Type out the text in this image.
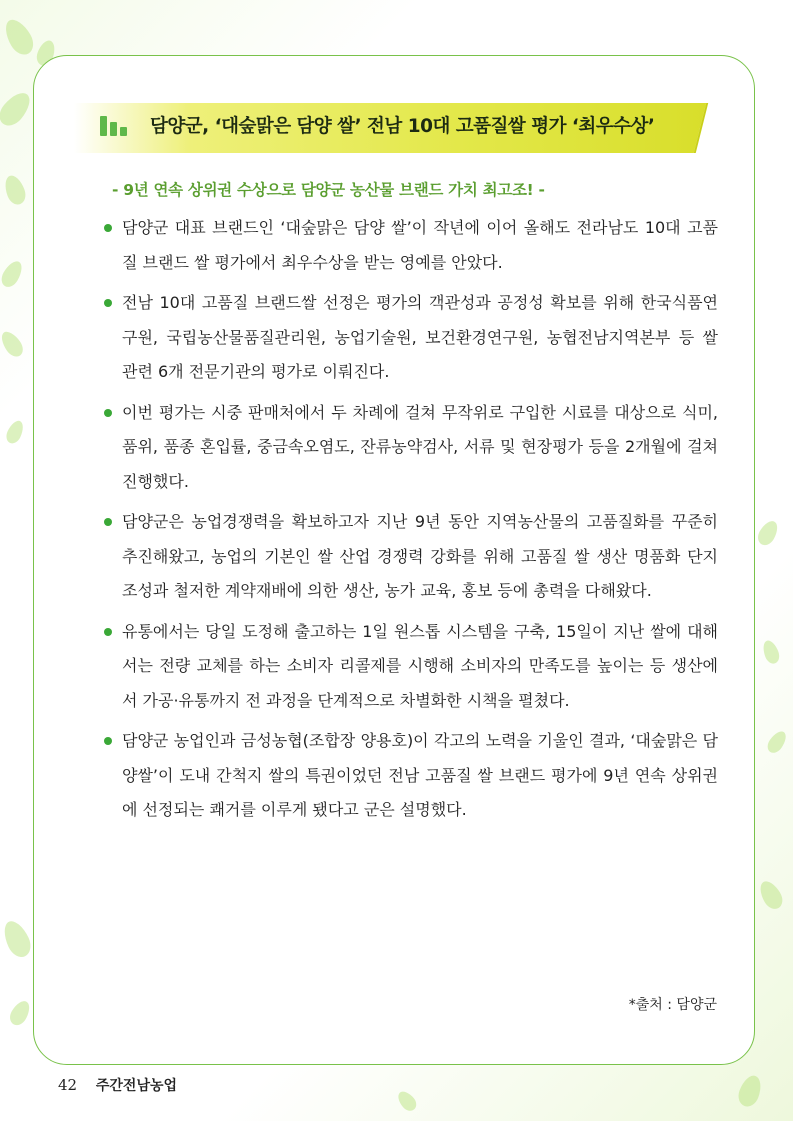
담양군, ‘대숲맑은 담양 쌀’ 전남 10대 고품질쌀 평가 ‘최우수상’
- 9년 연속 상위권 수상으로 담양군 농산물 브랜드 가치 최고조! -
담양군 대표 브랜드인 ‘대숲맑은 담양 쌀’이 작년에 이어 올해도 전라남도 10대 고품질 브랜드 쌀 평가에서 최우수상을 받는 영예를 안았다.
전남 10대 고품질 브랜드쌀 선정은 평가의 객관성과 공정성 확보를 위해 한국식품연구원, 국립농산물품질관리원, 농업기술원, 보건환경연구원, 농협전남지역본부 등 쌀 관련 6개 전문기관의 평가로 이뤄진다.
이번 평가는 시중 판매처에서 두 차례에 걸쳐 무작위로 구입한 시료를 대상으로 식미, 품위, 품종 혼입률, 중금속오염도, 잔류농약검사, 서류 및 현장평가 등을 2개월에 걸쳐 진행했다.
담양군은 농업경쟁력을 확보하고자 지난 9년 동안 지역농산물의 고품질화를 꾸준히 추진해왔고, 농업의 기본인 쌀 산업 경쟁력 강화를 위해 고품질 쌀 생산 명품화 단지 조성과 철저한 계약재배에 의한 생산, 농가 교육, 홍보 등에 총력을 다해왔다.
유통에서는 당일 도정해 출고하는 1일 원스톱 시스템을 구축, 15일이 지난 쌀에 대해서는 전량 교체를 하는 소비자 리콜제를 시행해 소비자의 만족도를 높이는 등 생산에서 가공·유통까지 전 과정을 단계적으로 차별화한 시책을 펼쳤다.
담양군 농업인과 금성농협(조합장 양용호)이 각고의 노력을 기울인 결과, ‘대숲맑은 담양쌀’이 도내 간척지 쌀의 특권이었던 전남 고품질 쌀 브랜드 평가에 9년 연속 상위권에 선정되는 쾌거를 이루게 됐다고 군은 설명했다.
*출처 : 담양군
42 주간전남농업
